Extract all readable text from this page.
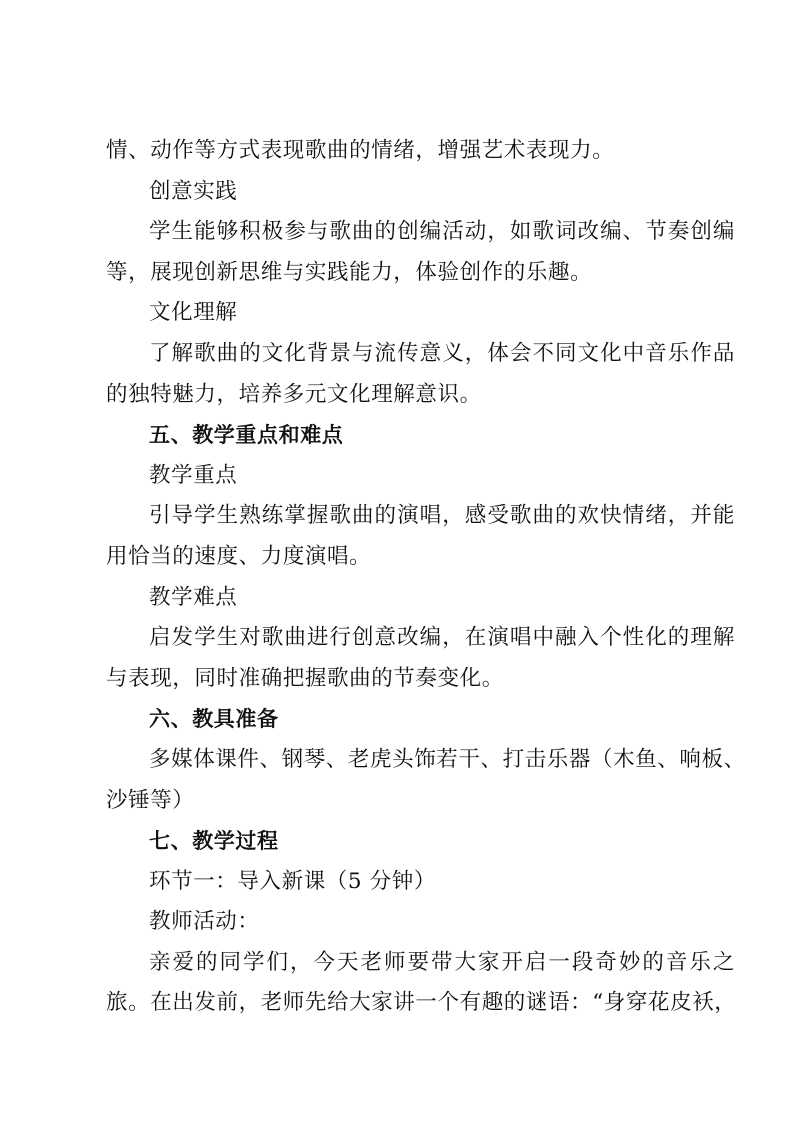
情、动作等方式表现歌曲的情绪，增强艺术表现力。
创意实践
学生能够积极参与歌曲的创编活动，如歌词改编、节奏创编
等，展现创新思维与实践能力，体验创作的乐趣。
文化理解
了解歌曲的文化背景与流传意义，体会不同文化中音乐作品
的独特魅力，培养多元文化理解意识。
五、教学重点和难点
教学重点
引导学生熟练掌握歌曲的演唱，感受歌曲的欢快情绪，并能
用恰当的速度、力度演唱。
教学难点
启发学生对歌曲进行创意改编，在演唱中融入个性化的理解
与表现，同时准确把握歌曲的节奏变化。
六、教具准备
多媒体课件、钢琴、老虎头饰若干、打击乐器（木鱼、响板、
沙锤等）
七、教学过程
环节一：导入新课（5 分钟）
教师活动：
亲爱的同学们，今天老师要带大家开启一段奇妙的音乐之
旅。在出发前，老师先给大家讲一个有趣的谜语：“身穿花皮袄，
